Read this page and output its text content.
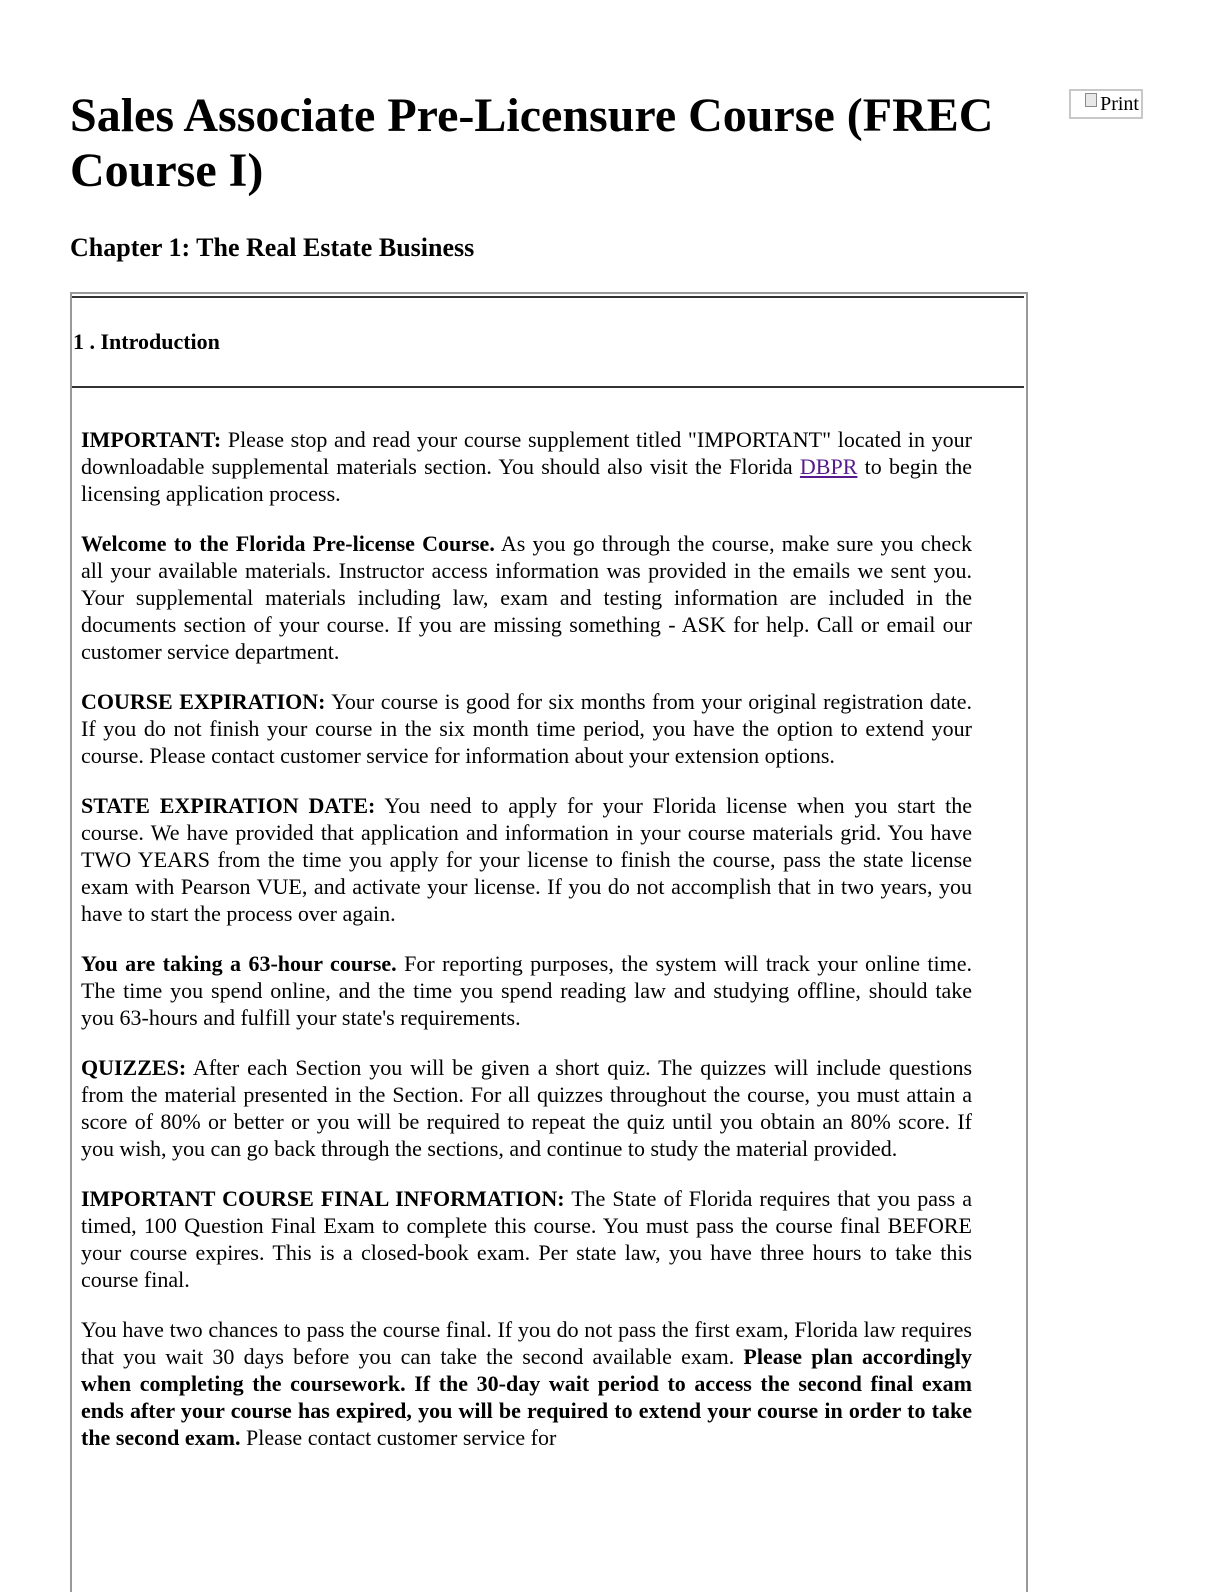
Sales Associate Pre-Licensure Course (FREC Course I)
Print
Chapter 1: The Real Estate Business
1 . Introduction

IMPORTANT: Please stop and read your course supplement titled "IMPORTANT" located in your downloadable supplemental materials section. You should also visit the Florida DBPR to begin the licensing application process.

Welcome to the Florida Pre-license Course. As you go through the course, make sure you check all your available materials. Instructor access information was provided in the emails we sent you. Your supplemental materials including law, exam and testing information are included in the documents section of your course. If you are missing something - ASK for help. Call or email our customer service department.

COURSE EXPIRATION: Your course is good for six months from your original registration date. If you do not finish your course in the six month time period, you have the option to extend your course. Please contact customer service for information about your extension options.

STATE EXPIRATION DATE: You need to apply for your Florida license when you start the course. We have provided that application and information in your course materials grid. You have TWO YEARS from the time you apply for your license to finish the course, pass the state license exam with Pearson VUE, and activate your license. If you do not accomplish that in two years, you have to start the process over again.

You are taking a 63-hour course. For reporting purposes, the system will track your online time. The time you spend online, and the time you spend reading law and studying offline, should take you 63-hours and fulfill your state's requirements.

QUIZZES: After each Section you will be given a short quiz. The quizzes will include questions from the material presented in the Section. For all quizzes throughout the course, you must attain a score of 80% or better or you will be required to repeat the quiz until you obtain an 80% score. If you wish, you can go back through the sections, and continue to study the material provided.

IMPORTANT COURSE FINAL INFORMATION: The State of Florida requires that you pass a timed, 100 Question Final Exam to complete this course. You must pass the course final BEFORE your course expires. This is a closed-book exam. Per state law, you have three hours to take this course final.

You have two chances to pass the course final. If you do not pass the first exam, Florida law requires that you wait 30 days before you can take the second available exam. Please plan accordingly when completing the coursework. If the 30-day wait period to access the second final exam ends after your course has expired, you will be required to extend your course in order to take the second exam. Please contact customer service for
